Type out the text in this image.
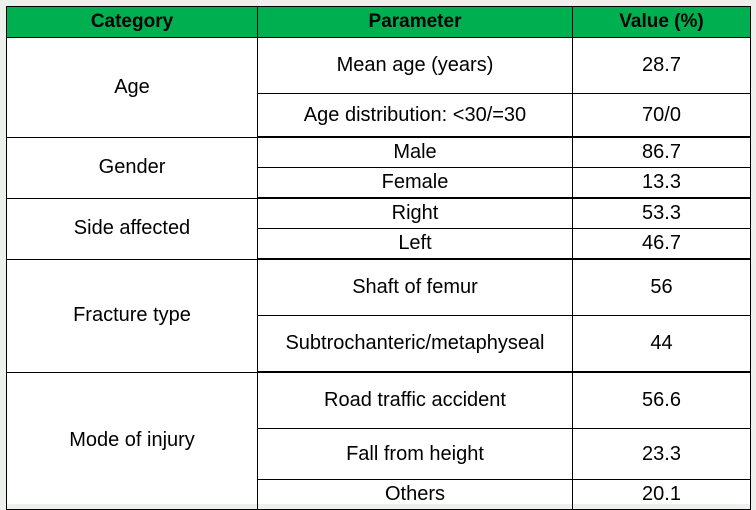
Category	Parameter	Value (%)
Age	Mean age (years)	28.7
	Age distribution: <30/=30	70/0
Gender	Male	86.7
	Female	13.3
Side affected	Right	53.3
	Left	46.7
Fracture type	Shaft of femur	56
	Subtrochanteric/metaphyseal	44
Mode of injury	Road traffic accident	56.6
	Fall from height	23.3
	Others	20.1
